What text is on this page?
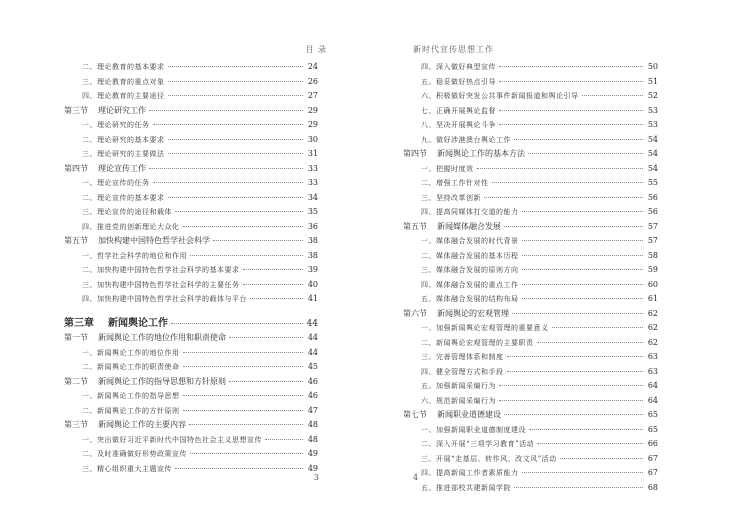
目 录
二、理论教育的基本要求	24
三、理论教育的重点对象	26
四、理论教育的主要途径	27
第三节 理论研究工作	29
一、理论研究的任务	29
二、理论研究的基本要求	30
三、理论研究的主要做法	31
第四节 理论宣传工作	33
一、理论宣传的任务	33
二、理论宣传的基本要求	34
三、理论宣传的途径和载体	35
四、推进党的创新理论大众化	36
第五节 加快构建中国特色哲学社会科学	38
一、哲学社会科学的地位和作用	38
二、加快构建中国特色哲学社会科学的基本要求	39
三、加快构建中国特色哲学社会科学的主要任务	40
四、加快构建中国特色哲学社会科学的载体与平台	41
第三章 新闻舆论工作	44
第一节 新闻舆论工作的地位作用和职责使命	44
一、新闻舆论工作的地位作用	44
二、新闻舆论工作的职责使命	45
第二节 新闻舆论工作的指导思想和方针原则	46
一、新闻舆论工作的指导思想	46
二、新闻舆论工作的方针原则	47
第三节 新闻舆论工作的主要内容	48
一、突出做好习近平新时代中国特色社会主义思想宣传	48
二、及时准确做好形势政策宣传	49
三、精心组织重大主题宣传	49
3
新时代宣传思想工作
四、深入做好典型宣传	50
五、稳妥做好热点引导	51
六、积极做好突发公共事件新闻报道和舆论引导	52
七、正确开展舆论监督	53
八、坚决开展舆论斗争	53
九、做好涉港澳台舆论工作	54
第四节 新闻舆论工作的基本方法	54
一、把握时度效	54
二、增强工作针对性	55
三、坚持改革创新	56
四、提高同媒体打交道的能力	56
第五节 新闻媒体融合发展	57
一、媒体融合发展的时代背景	57
二、媒体融合发展的基本历程	58
三、媒体融合发展的原则方向	59
四、媒体融合发展的重点工作	60
五、媒体融合发展的结构布局	61
第六节 新闻舆论的宏观管理	62
一、加强新闻舆论宏观管理的重要意义	62
二、新闻舆论宏观管理的主要职责	62
三、完善管理体系和制度	63
四、健全管理方式和手段	63
五、加强新闻采编行为	64
六、规范新闻采编行为	64
第七节 新闻职业道德建设	65
一、加强新闻职业道德制度建设	65
二、深入开展“三项学习教育”活动	66
三、开展“走基层、转作风、改文风”活动	67
四、提高新闻工作者素质能力	67
五、推进部校共建新闻学院	68
4
